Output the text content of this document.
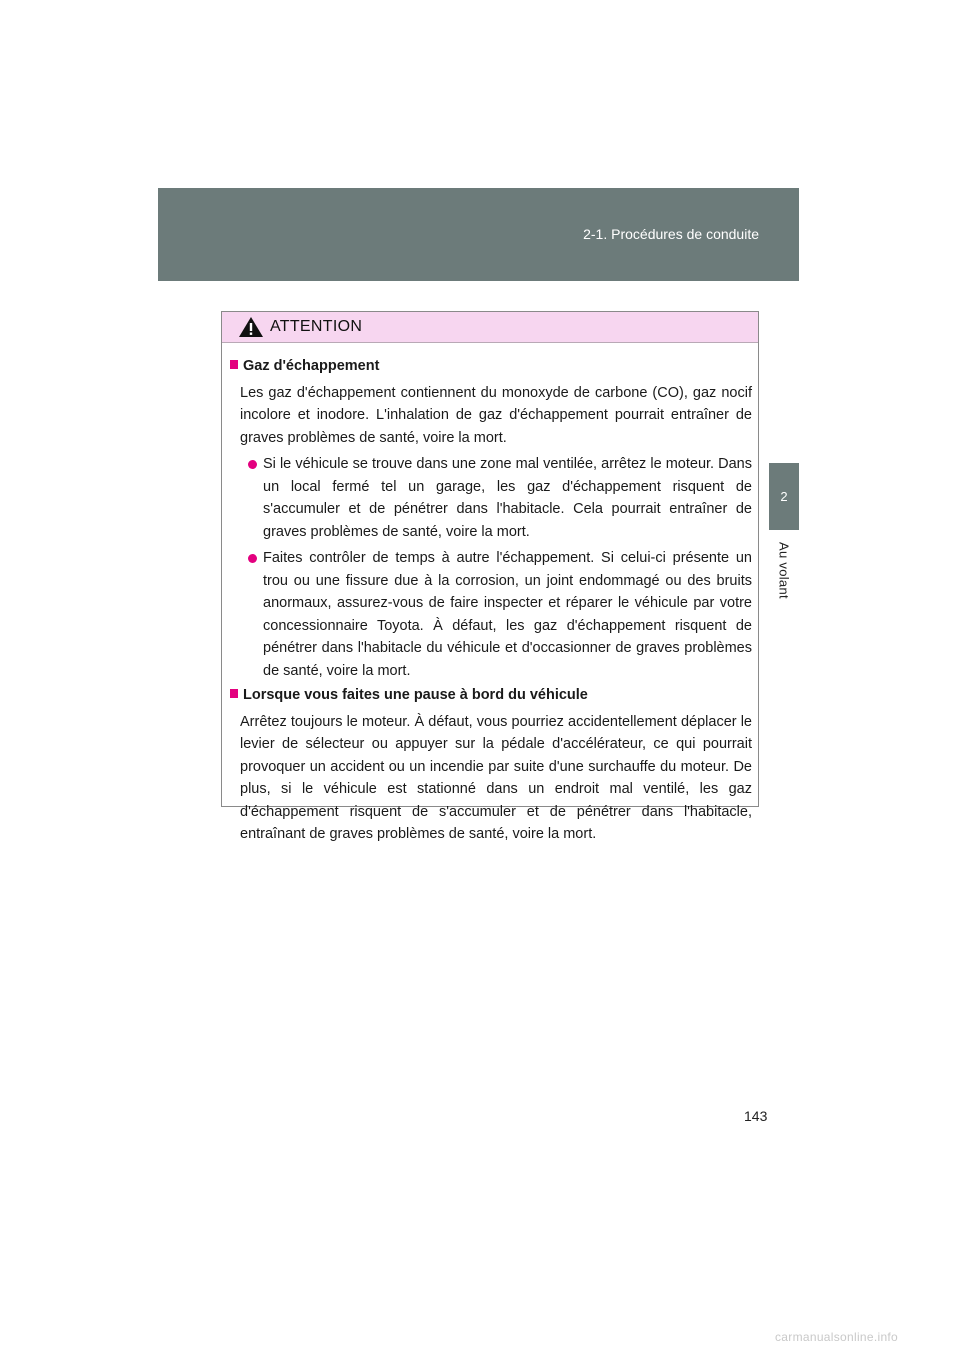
2-1. Procédures de conduite
2
Au volant
ATTENTION
Gaz d'échappement
Les gaz d'échappement contiennent du monoxyde de carbone (CO), gaz nocif incolore et inodore. L'inhalation de gaz d'échappement pourrait entraîner de graves problèmes de santé, voire la mort.
Si le véhicule se trouve dans une zone mal ventilée, arrêtez le moteur. Dans un local fermé tel un garage, les gaz d'échappement risquent de s'accumuler et de pénétrer dans l'habitacle. Cela pourrait entraîner de graves problèmes de santé, voire la mort.
Faites contrôler de temps à autre l'échappement. Si celui-ci présente un trou ou une fissure due à la corrosion, un joint endommagé ou des bruits anormaux, assurez-vous de faire inspecter et réparer le véhicule par votre concessionnaire Toyota. À défaut, les gaz d'échappement risquent de pénétrer dans l'habitacle du véhicule et d'occasionner de graves problèmes de santé, voire la mort.
Lorsque vous faites une pause à bord du véhicule
Arrêtez toujours le moteur. À défaut, vous pourriez accidentellement déplacer le levier de sélecteur ou appuyer sur la pédale d'accélérateur, ce qui pourrait provoquer un accident ou un incendie par suite d'une surchauffe du moteur. De plus, si le véhicule est stationné dans un endroit mal ventilé, les gaz d'échappement risquent de s'accumuler et de pénétrer dans l'habitacle, entraînant de graves problèmes de santé, voire la mort.
143
carmanualsonline.info
